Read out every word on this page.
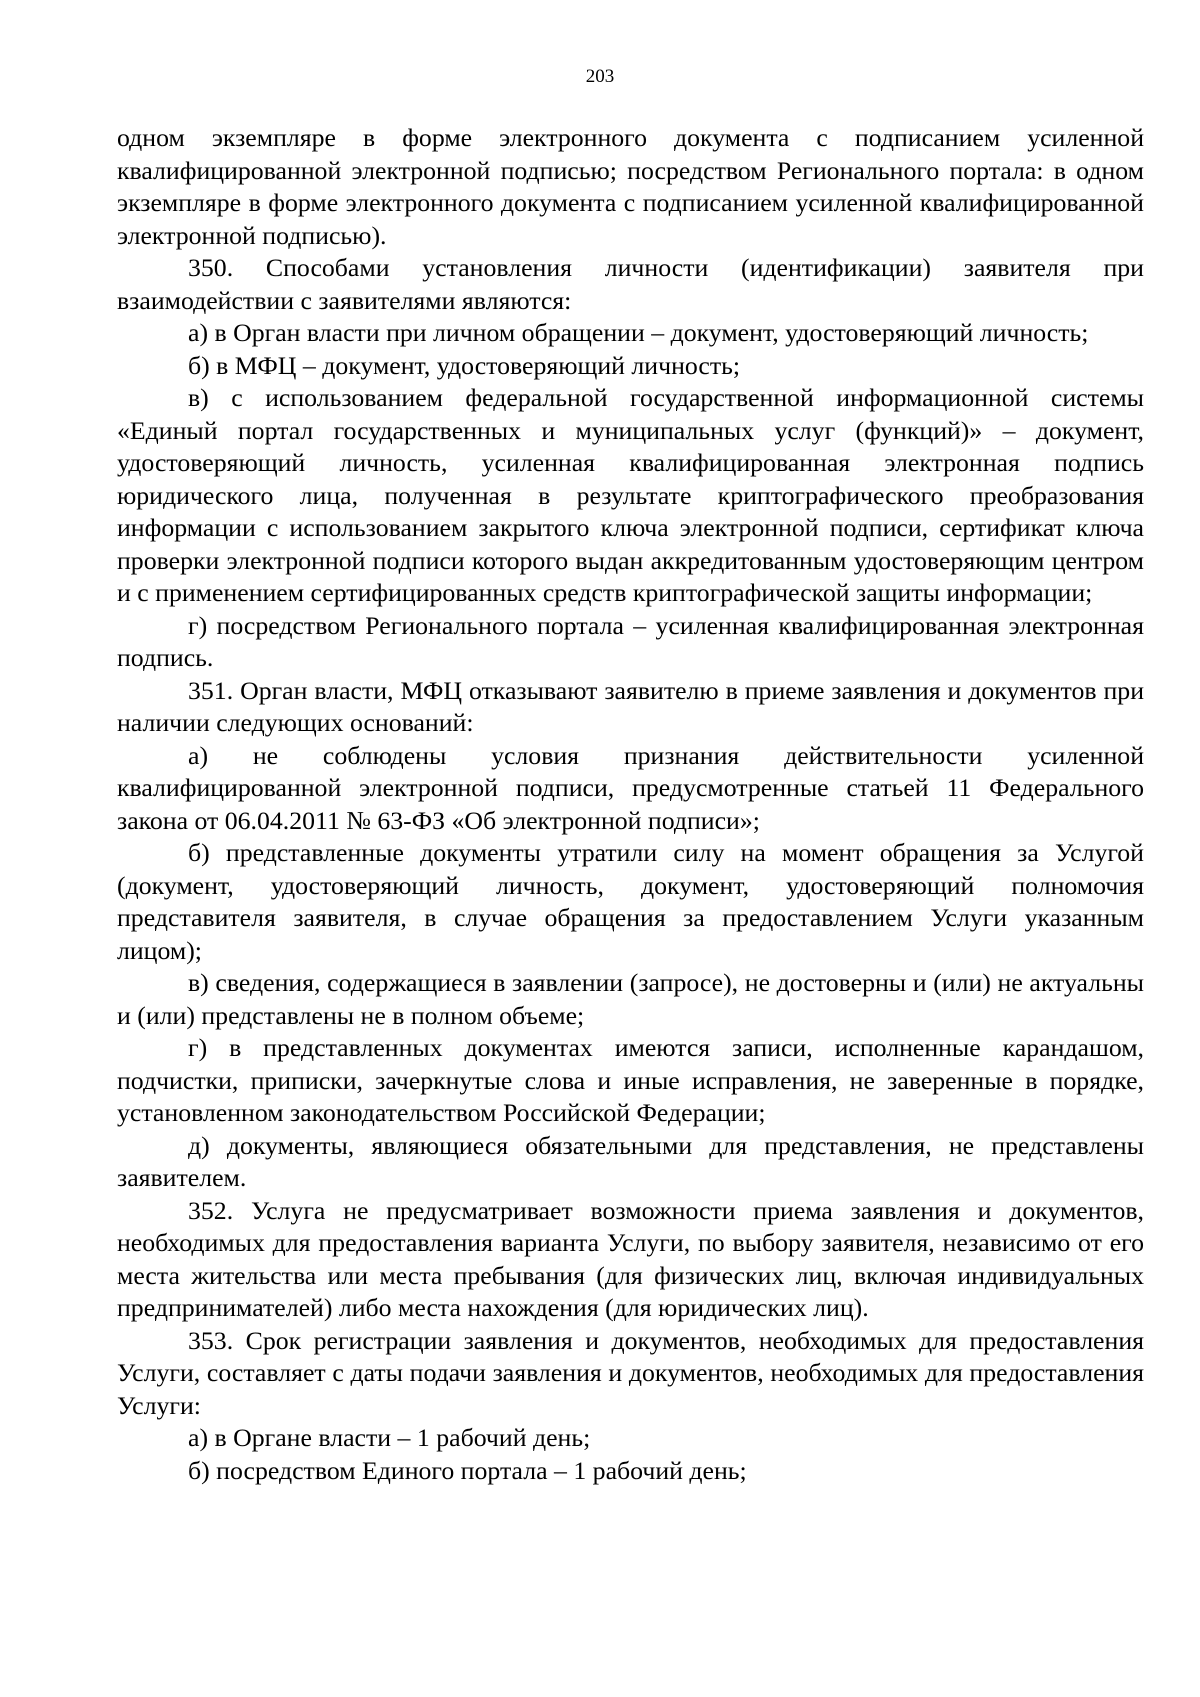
203

одном экземпляре в форме электронного документа с подписанием усиленной квалифицированной электронной подписью; посредством Регионального портала: в одном экземпляре в форме электронного документа с подписанием усиленной квалифицированной электронной подписью).

350. Способами установления личности (идентификации) заявителя при взаимодействии с заявителями являются:

а) в Орган власти при личном обращении – документ, удостоверяющий личность;

б) в МФЦ – документ, удостоверяющий личность;

в) с использованием федеральной государственной информационной системы «Единый портал государственных и муниципальных услуг (функций)» – документ, удостоверяющий личность, усиленная квалифицированная электронная подпись юридического лица, полученная в результате криптографического преобразования информации с использованием закрытого ключа электронной подписи, сертификат ключа проверки электронной подписи которого выдан аккредитованным удостоверяющим центром и с применением сертифицированных средств криптографической защиты информации;

г) посредством Регионального портала – усиленная квалифицированная электронная подпись.

351. Орган власти, МФЦ отказывают заявителю в приеме заявления и документов при наличии следующих оснований:

а) не соблюдены условия признания действительности усиленной квалифицированной электронной подписи, предусмотренные статьей 11 Федерального закона от 06.04.2011 № 63-ФЗ «Об электронной подписи»;

б) представленные документы утратили силу на момент обращения за Услугой (документ, удостоверяющий личность, документ, удостоверяющий полномочия представителя заявителя, в случае обращения за предоставлением Услуги указанным лицом);

в) сведения, содержащиеся в заявлении (запросе), не достоверны и (или) не актуальны и (или) представлены не в полном объеме;

г) в представленных документах имеются записи, исполненные карандашом, подчистки, приписки, зачеркнутые слова и иные исправления, не заверенные в порядке, установленном законодательством Российской Федерации;

д) документы, являющиеся обязательными для представления, не представлены заявителем.

352. Услуга не предусматривает возможности приема заявления и документов, необходимых для предоставления варианта Услуги, по выбору заявителя, независимо от его места жительства или места пребывания (для физических лиц, включая индивидуальных предпринимателей) либо места нахождения (для юридических лиц).

353. Срок регистрации заявления и документов, необходимых для предоставления Услуги, составляет с даты подачи заявления и документов, необходимых для предоставления Услуги:

а) в Органе власти – 1 рабочий день;

б) посредством Единого портала – 1 рабочий день;
